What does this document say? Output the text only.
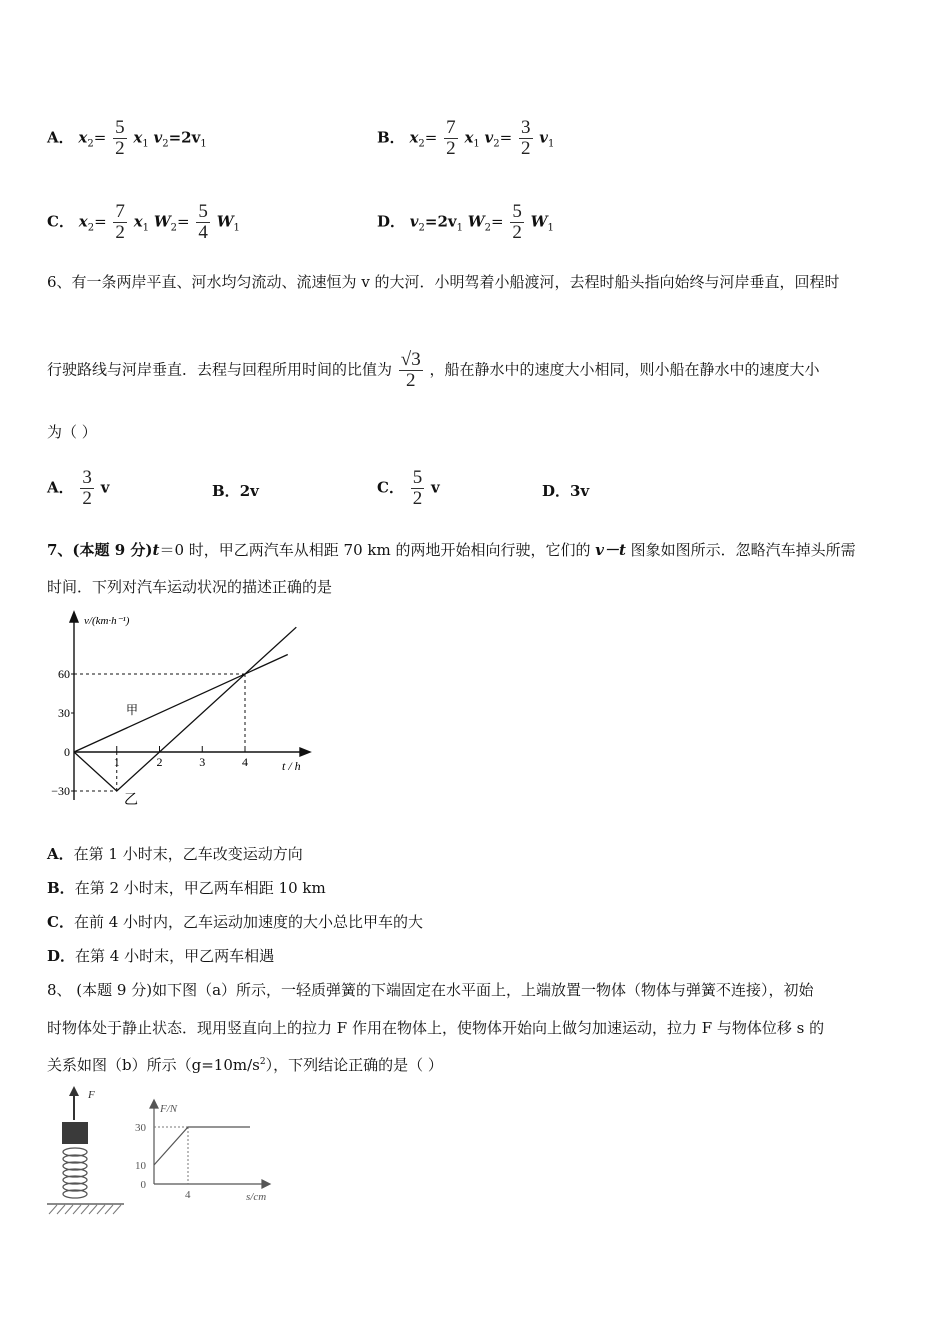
A． $x_2= \frac{5}{2} x_1$ $v_2=2v_1$	B． $x_2= \frac{7}{2} x_1$ $v_2= \frac{3}{2} v_1$
C． $x_2= \frac{7}{2} x_1$ $W_2= \frac{5}{4} W_1$	D． $v_2=2v_1$ $W_2= \frac{5}{2} W_1$
6、有一条两岸平直、河水均匀流动、流速恒为 v 的大河．小明驾着小船渡河，去程时船头指向始终与河岸垂直，回程时
行驶路线与河岸垂直．去程与回程所用时间的比值为 $\frac{√3}{2}$ ，船在静水中的速度大小相同，则小船在静水中的速度大小
为（ ）
A． $\frac{3}{2}$ v	B．2v	C． $\frac{5}{2}$ v	D．3v
7、(本题 9 分)t＝0 时，甲乙两汽车从相距 70 km 的两地开始相向行驶，它们的 v－t 图象如图所示．忽略汽车掉头所需
时间．下列对汽车运动状况的描述正确的是
60
30
0
−30
1	2	3	4
v/(km·h⁻¹)
t / h
甲
乙
A．在第 1 小时末，乙车改变运动方向
B．在第 2 小时末，甲乙两车相距 10 km
C．在前 4 小时内，乙车运动加速度的大小总比甲车的大
D．在第 4 小时末，甲乙两车相遇
8、 (本题 9 分)如下图（a）所示，一轻质弹簧的下端固定在水平面上，上端放置一物体（物体与弹簧不连接），初始
时物体处于静止状态．现用竖直向上的拉力 F 作用在物体上，使物体开始向上做匀加速运动，拉力 F 与物体位移 s 的
关系如图（b）所示$(g=10m/s^2)$，下列结论正确的是（ ）
F
30
10
0
4
F/N
s/cm
